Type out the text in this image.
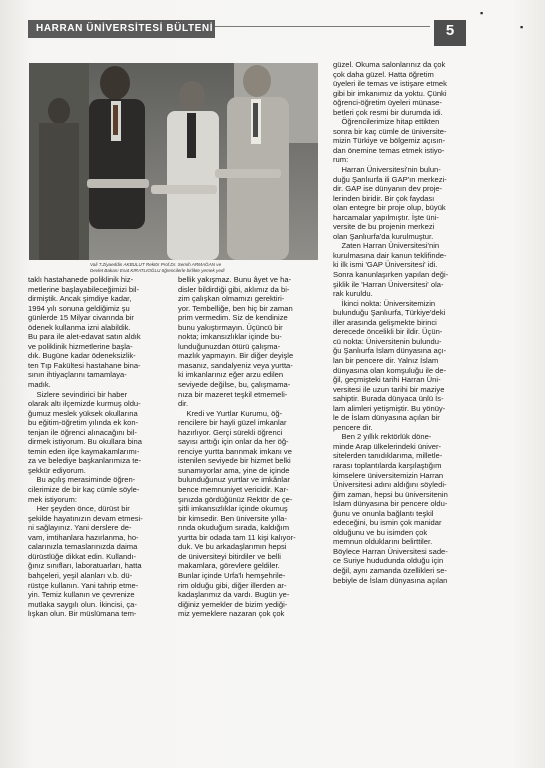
HARRAN ÜNİVERSİTESİ BÜLTENİ	5
Vali T.Ziyaeddin AKBULUT Rektör Prof.Dr. Semih ARMAĞAN ve
Devlet Bakanı Esat KIRATLIOĞLU öğrencilerle birlikte yemek yedi
taklı hastahanede poliklinik hiz-
metlerine başlayabileceğimizi bil-
dirmiştik. Ancak şimdiye kadar,
1994 yılı sonuna geldiğimiz şu
günlerde 15 Milyar civarında bir
ödenek kullanma izni alabildik.
Bu para ile alet-edavat satın aldık
ve poliklinik hizmetlerine başla-
dık. Bugüne kadar ödeneksizlik-
ten Tıp Fakültesi hastahane bina-
sının ihtiyaçlarını tamamlaya-
madık.
Sizlere sevindirici bir haber
olarak altı ilçemizde kurmuş oldu-
ğumuz meslek yüksek okullarına
bu eğitim-öğretim yılında ek kon-
tenjan ile öğrenci alınacağını bil-
dirmek istiyorum. Bu okullara bina
temin eden ilçe kaymakamlarımı-
za ve belediye başkanlarımıza te-
şekkür ediyorum.
Bu açılış merasiminde öğren-
cilerimize de bir kaç cümle söyle-
mek istiyorum:
Her şeyden önce, dürüst bir
şekilde hayatınızın devam etmesi-
ni sağlayınız. Yani derslere de-
vam, imtihanlara hazırlanma, ho-
calarınızla temaslarınızda daima
dürüstlüğe dikkat edin. Kullandı-
ğınız sınıfları, laboratuarları, hatta
bahçeleri, yeşil alanları v.b. dü-
rüstçe kullanın. Yani tahrip etme-
yin. Temiz kullanın ve çevrenize
mutlaka saygılı olun. İkincisi, ça-
lışkan olun. Bir müslümana tem-
bellik yakışmaz. Bunu âyet ve ha-
disler bildirdiği gibi, aklımız da bi-
zim çalışkan olmamızı gerektiri-
yor. Tembelliğe, ben hiç bir zaman
prim vermedim. Siz de kendinize
bunu yakıştırmayın. Üçüncü bir
nokta; imkansızlıklar içinde bu-
lunduğunuzdan ötürü çalışma-
mazlık yapmayın. Bir diğer deyişle
masanız, sandalyeniz veya yurtta-
ki imkanlarınız eğer arzu edilen
seviyede değilse, bu, çalışmama-
nıza bir mazeret teşkil etmemeli-
dir.
Kredi ve Yurtlar Kurumu, öğ-
rencilere bir hayli güzel imkanlar
hazırlıyor. Gerçi sürekli öğrenci
sayısı arttığı için onlar da her öğ-
renciye yurtta barınmak imkanı ve
istenilen seviyede bir hizmet belki
sunamıyorlar ama, yine de içinde
bulunduğunuz yurtlar ve imkânlar
bence memnuniyet vericidir. Kar-
şınızda gördüğünüz Rektör de çe-
şitli imkansızlıklar içinde okumuş
bir kimsedir. Ben üniversite yılla-
rında okuduğum sırada, kaldığım
yurtta bir odada tam 11 kişi kalıyor-
duk. Ve bu arkadaşlarımın hepsi
de üniversiteyi bitirdiler ve belli
makamlara, görevlere geldiler.
Bunlar içinde Urfa'lı hemşehrile-
rim olduğu gibi, diğer illerden ar-
kadaşlarımız da vardı. Bugün ye-
diğiniz yemekler de bizim yediği-
miz yemeklere nazaran çok çok
güzel. Okuma salonlarınız da çok
çok daha güzel. Hatta öğretim
üyeleri ile temas ve istişare etmek
gibi bir imkanımız da yoktu. Çünki
öğrenci-öğretim üyeleri münase-
betleri çok resmi bir durumda idi.
Öğrencilerimize hitap ettikten
sonra bir kaç cümle de üniversite-
mizin Türkiye ve bölgemiz açısın-
dan önemine temas etmek istiyo-
rum:
Harran Üniversitesi'nin bulun-
duğu Şanlıurfa ili GAP'ın merkezi-
dir. GAP ise dünyanın dev proje-
lerinden biridir. Bir çok faydası
olan entegre bir proje olup, büyük
harcamalar yapılmıştır. İşte üni-
versite de bu projenin merkezi
olan Şanlıurfa'da kurulmuştur.
Zaten Harran Üniversitesi'nin
kurulmasına dair kanun teklifinde-
ki ilk ismi 'GAP Üniversitesi' idi.
Sonra kanunlaşırken yapılan deği-
şiklik ile 'Harran Üniversitesi' ola-
rak kuruldu.
İkinci nokta: Üniversitemizin
bulunduğu Şanlıurfa, Türkiye'deki
iller arasında gelişmekte birinci
derecede öncelikli bir ildir. Üçün-
cü nokta: Üniversitenin bulundu-
ğu Şanlıurfa İslam dünyasına açı-
lan bir pencere dir. Yalnız İslam
dünyasına olan komşuluğu ile de-
ğil, geçmişteki tarihi Harran Üni-
versitesi ile uzun tarihi bir maziye
sahiptir. Burada dünyaca ünlü İs-
lam alimleri yetişmiştir. Bu yönüy-
le de İslam dünyasına açılan bir
pencere dir.
Ben 2 yıllık rektörlük döne-
minde Arap ülkelerindeki üniver-
sitelerden tanıdıklarıma, milletle-
rarası toplantılarda karşılaştığım
kimselere üniversitemizin Harran
Üniversitesi adını aldığını söyledi-
ğim zaman, hepsi bu üniversitenin
İslam dünyasına bir pencere oldu-
ğunu ve onunla bağlantı teşkil
edeceğini, bu ismin çok manidar
olduğunu ve bu isimden çok
memnun olduklarını belirttiler.
Böylece Harran Üniversitesi sade-
ce Suriye hududunda olduğu için
değil, aynı zamanda özellikleri se-
bebiyle de İslam dünyasına açılan
▪
▪
